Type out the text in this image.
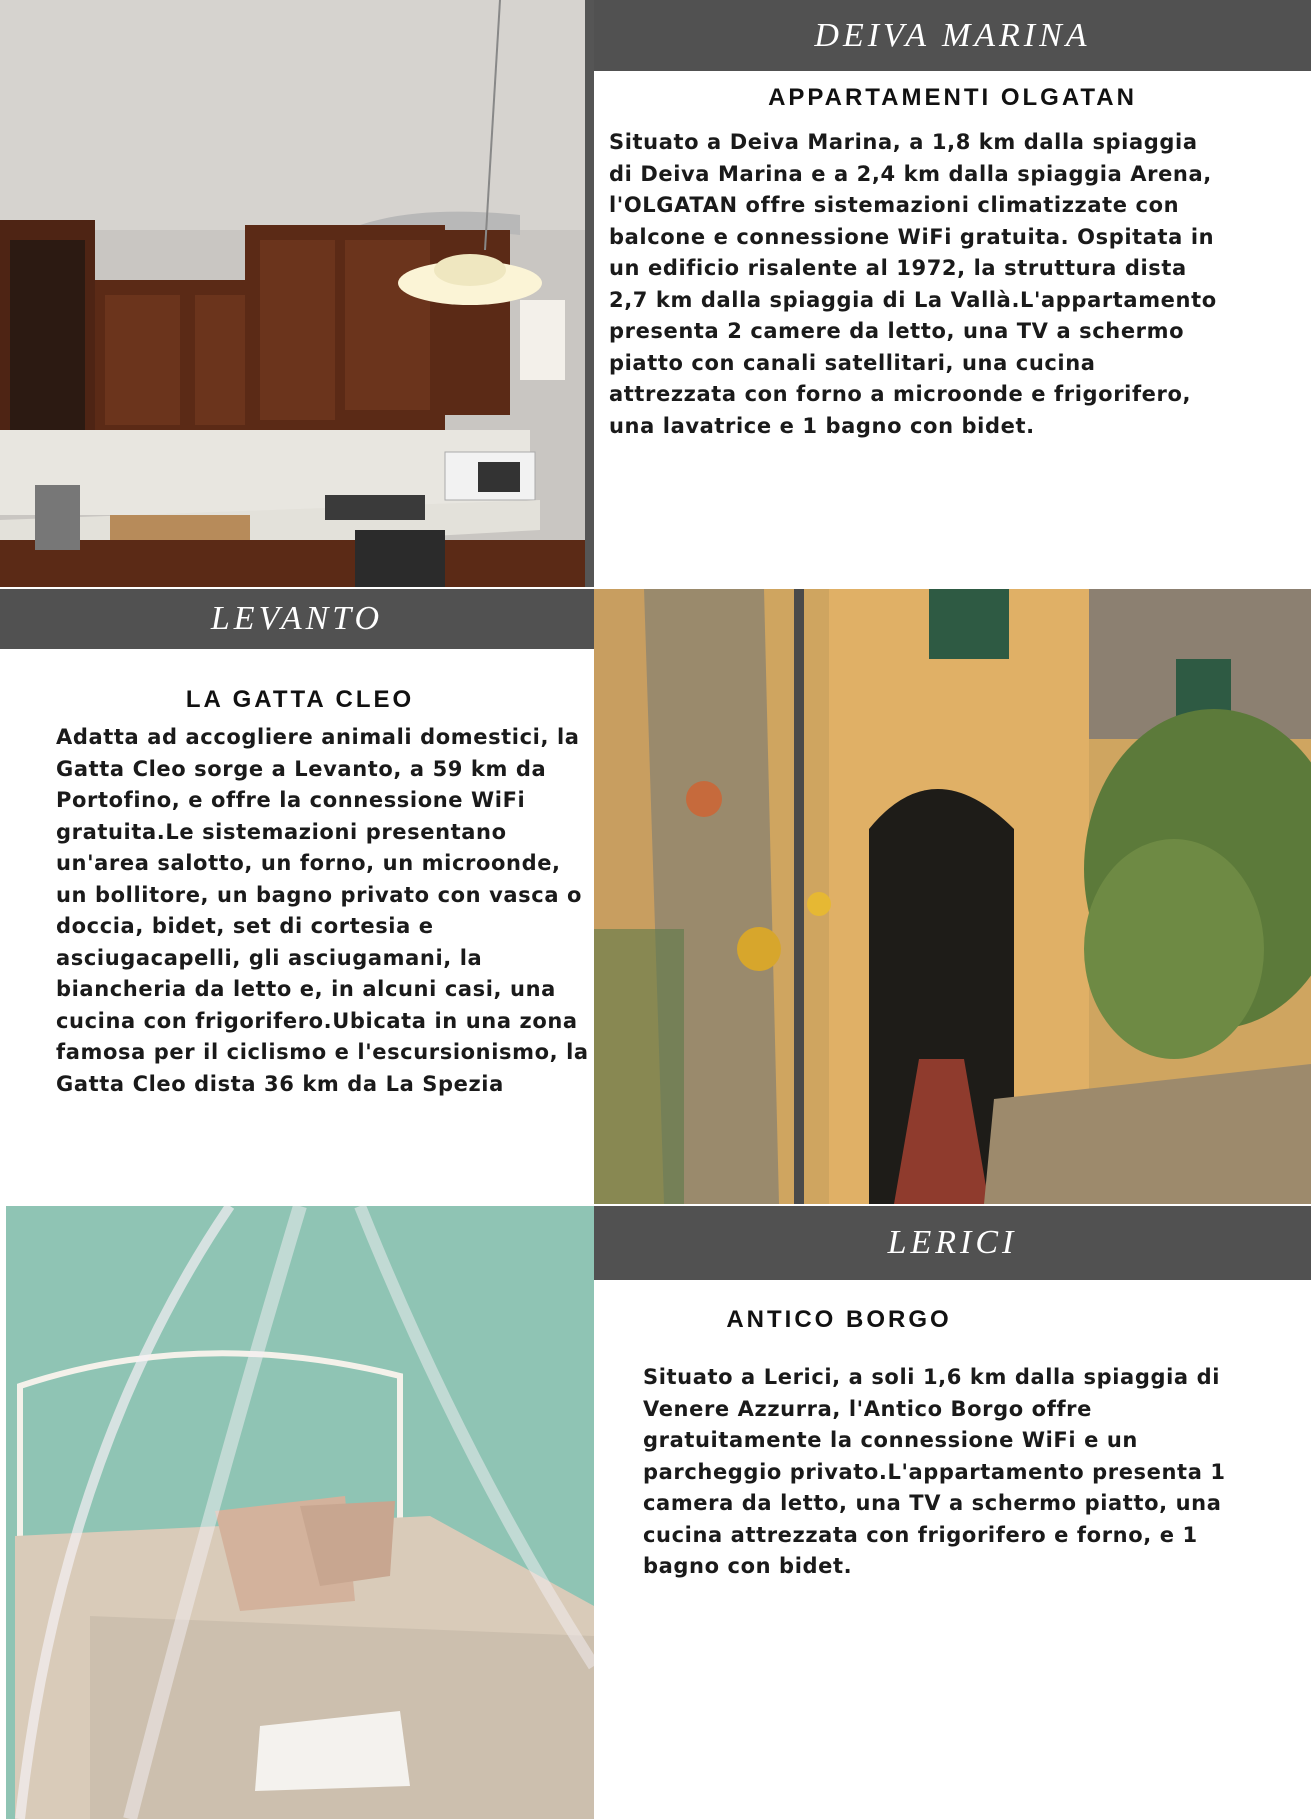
DEIVA MARINA
APPARTAMENTI OLGATAN
Situato a Deiva Marina, a 1,8 km dalla spiaggia di Deiva Marina e a 2,4 km dalla spiaggia Arena, l'OLGATAN offre sistemazioni climatizzate con balcone e connessione WiFi gratuita. Ospitata in un edificio risalente al 1972, la struttura dista 2,7 km dalla spiaggia di La Vallà.L'appartamento presenta 2 camere da letto, una TV a schermo piatto con canali satellitari, una cucina attrezzata con forno a microonde e frigorifero, una lavatrice e 1 bagno con bidet.
LEVANTO
LA GATTA CLEO
Adatta ad accogliere animali domestici, la Gatta Cleo sorge a Levanto, a 59 km da Portofino, e offre la connessione WiFi gratuita.Le sistemazioni presentano un'area salotto, un forno, un microonde, un bollitore, un bagno privato con vasca o doccia, bidet, set di cortesia e asciugacapelli, gli asciugamani, la biancheria da letto e, in alcuni casi, una cucina con frigorifero.Ubicata in una zona famosa per il ciclismo e l'escursionismo, la Gatta Cleo dista 36 km da La Spezia
LERICI
ANTICO BORGO
Situato a Lerici, a soli 1,6 km dalla spiaggia di Venere Azzurra, l'Antico Borgo offre gratuitamente la connessione WiFi e un parcheggio privato.L'appartamento presenta 1 camera da letto, una TV a schermo piatto, una cucina attrezzata con frigorifero e forno, e 1 bagno con bidet.
